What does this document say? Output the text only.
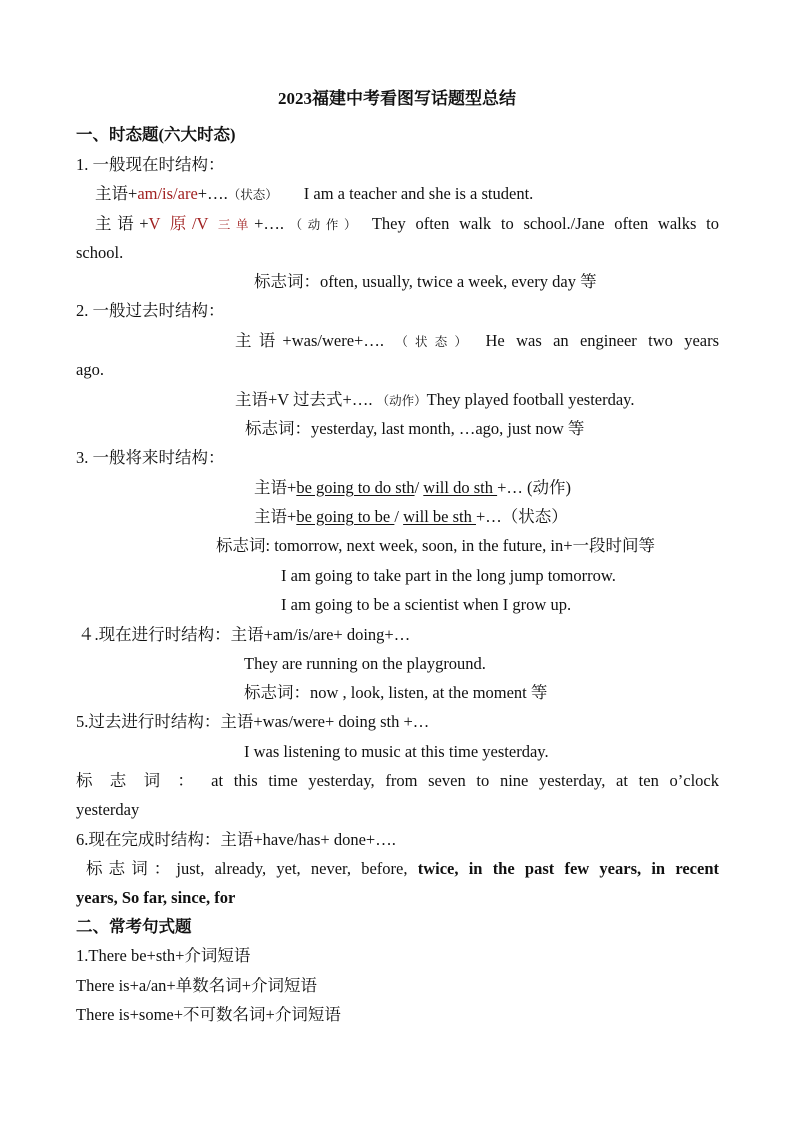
2023福建中考看图写话题型总结
一、时态题(六大时态)
1. 一般现在时结构：
主语+am/is/are+….（状态） I am a teacher and she is a student.
主语+V 原/V 三单+….（动作） They often walk to school./Jane often walks to
school.
标志词：often, usually, twice a week, every day 等
2. 一般过去时结构：
主语+was/were+…. （状态） He was an engineer two years
ago.
主语+V 过去式+…. （动作）They played football yesterday.
标志词：yesterday, last month, …ago, just now 等
3. 一般将来时结构：
主语+be going to do sth/ will do sth +… (动作)
主语+be going to be / will be sth +…（状态）
标志词: tomorrow, next week, soon, in the future, in+一段时间等
I am going to take part in the long jump tomorrow.
I am going to be a scientist when I grow up.
４.现在进行时结构：主语+am/is/are+ doing+…
They are running on the playground.
标志词：now , look, listen, at the moment 等
5.过去进行时结构：主语+was/were+ doing sth +…
I was listening to music at this time yesterday.
标 志 词 ： at this time yesterday, from seven to nine yesterday, at ten o’clock
yesterday
6.现在完成时结构：主语+have/has+ done+….
标志词：just, already, yet, never, before, twice, in the past few years, in recent
years, So far, since, for
二、常考句式题
1.There be+sth+介词短语
There is+a/an+单数名词+介词短语
There is+some+不可数名词+介词短语
